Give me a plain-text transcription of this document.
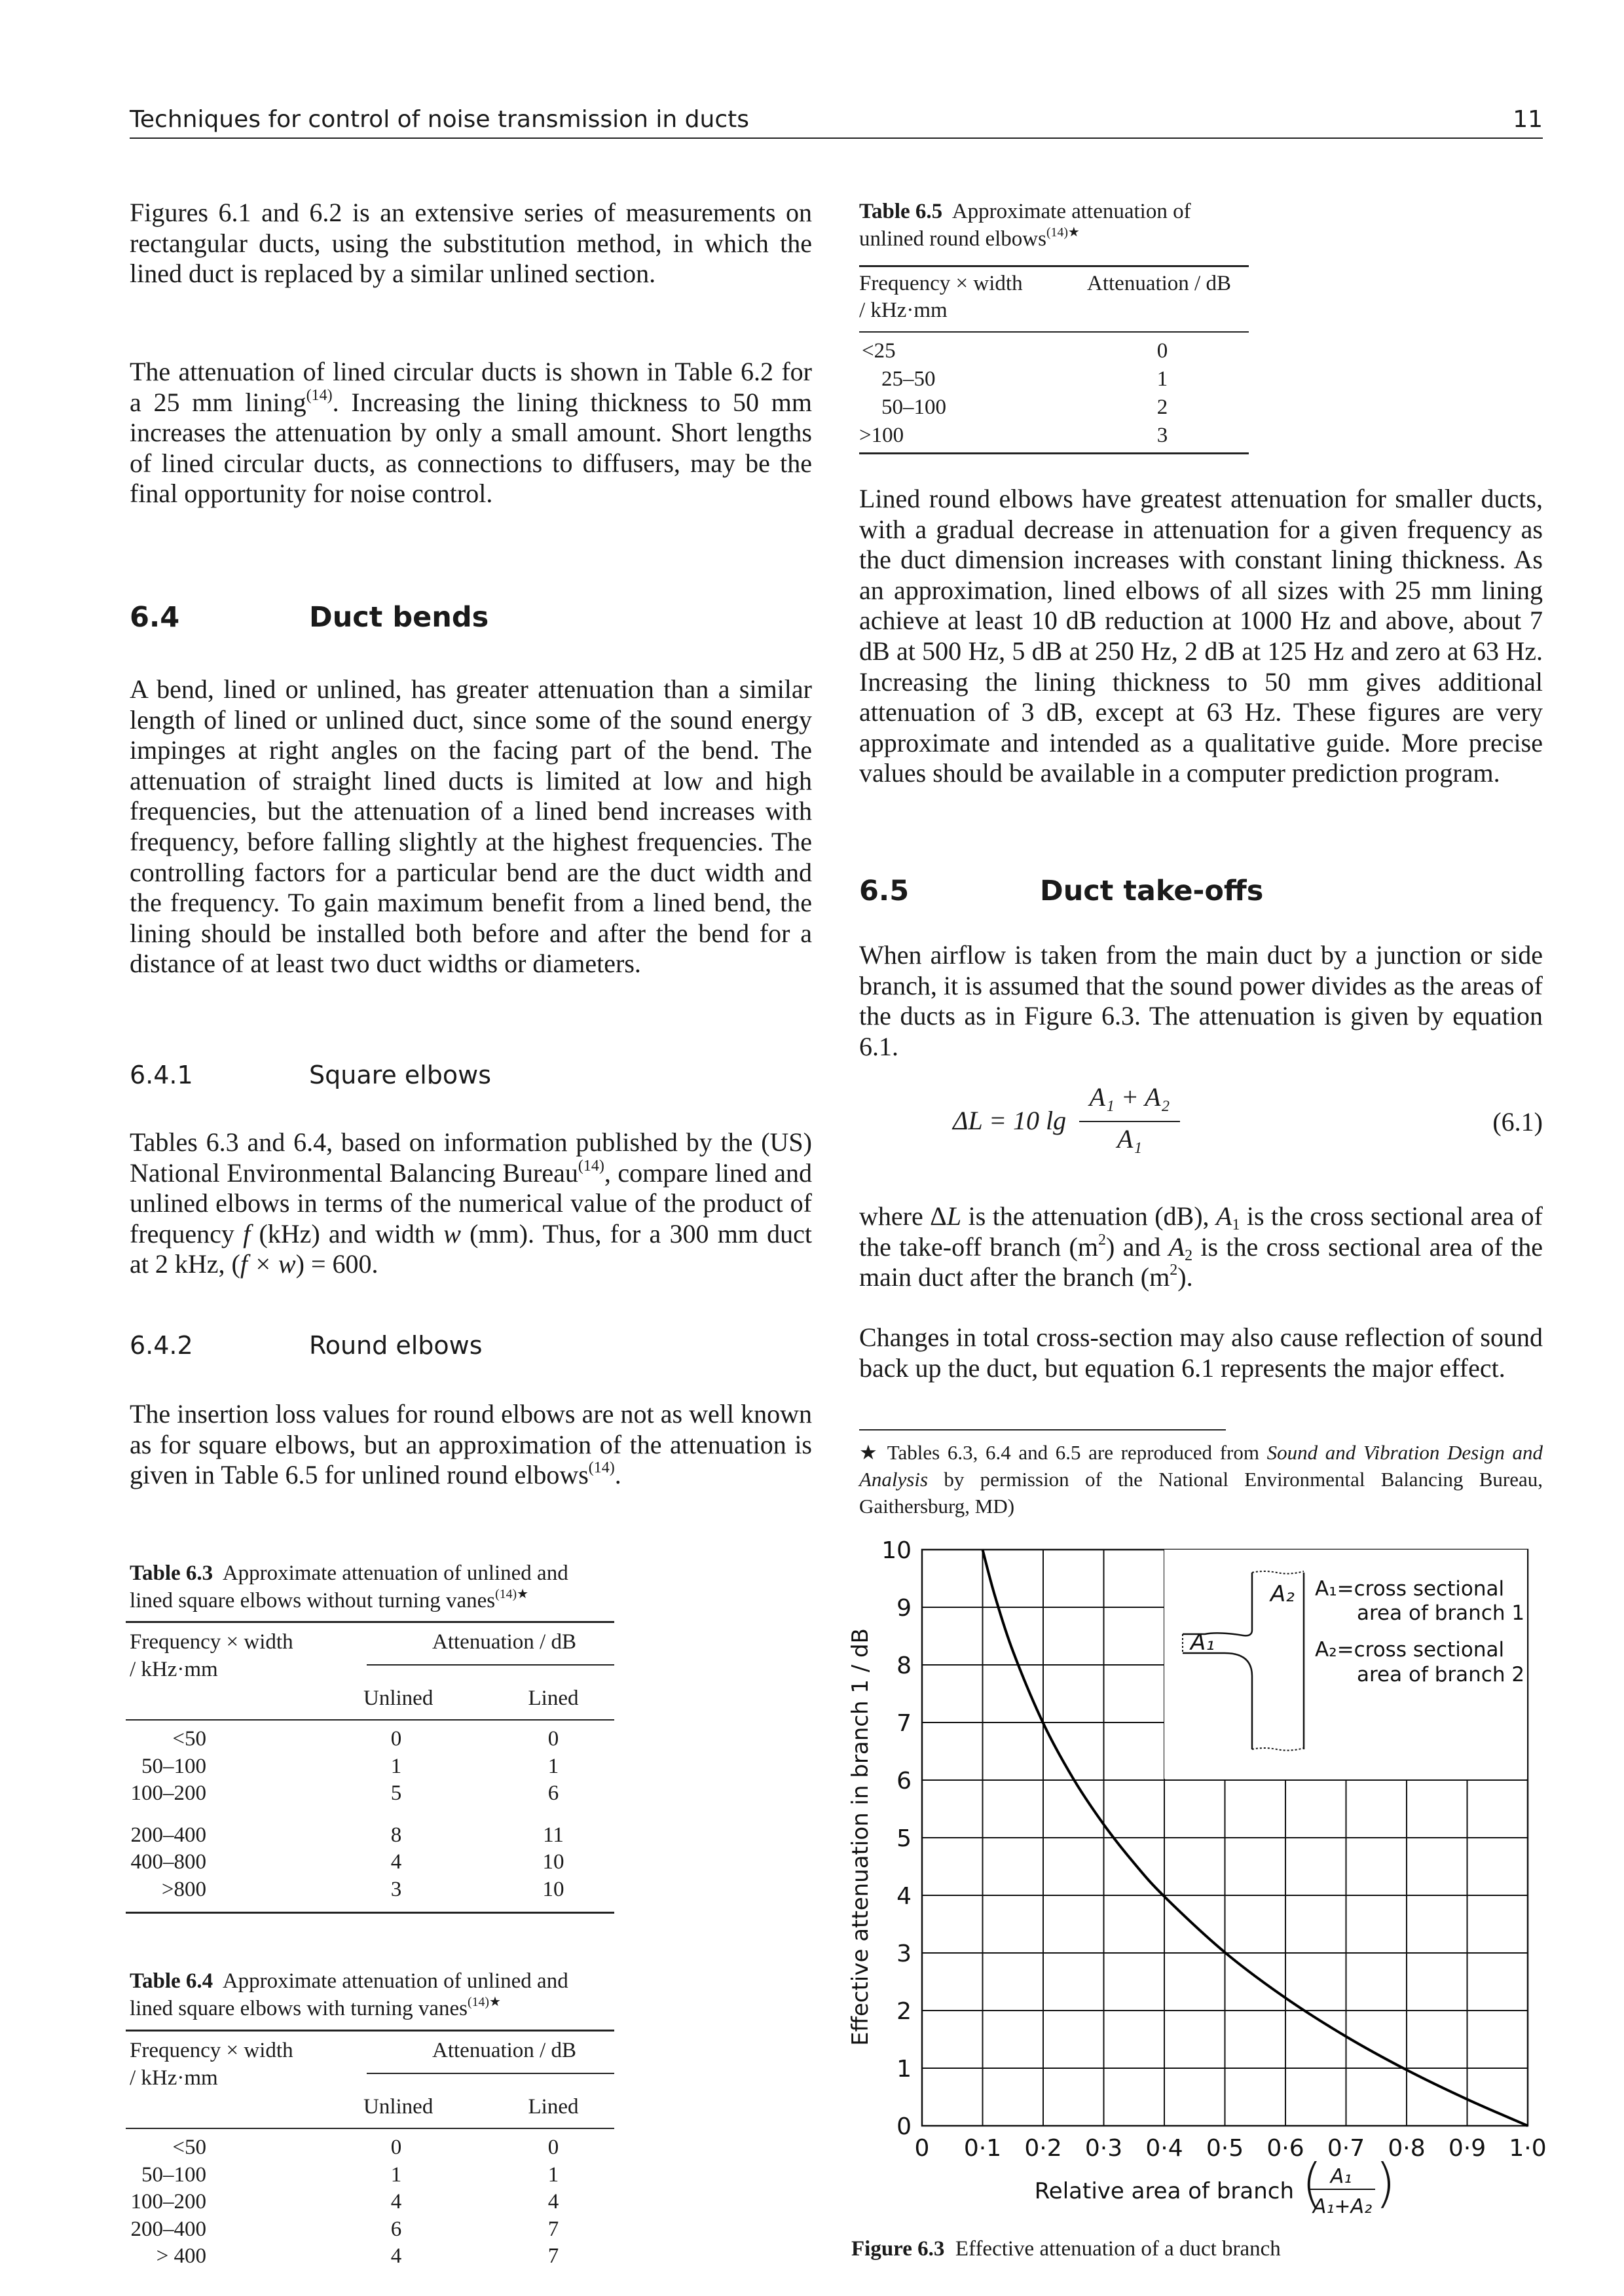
Techniques for control of noise transmission in ducts	11
Figures 6.1 and 6.2 is an extensive series of measurements on rectangular ducts, using the substitution method, in which the lined duct is replaced by a similar unlined section.
The attenuation of lined circular ducts is shown in Table 6.2 for a 25 mm lining$^{(14)}$. Increasing the lining thickness to 50 mm increases the attenuation by only a small amount. Short lengths of lined circular ducts, as connections to diffusers, may be the final opportunity for noise control.
6.4	Duct bends
A bend, lined or unlined, has greater attenuation than a similar length of lined or unlined duct, since some of the sound energy impinges at right angles on the facing part of the bend. The attenuation of straight lined ducts is limited at low and high frequencies, but the attenuation of a lined bend increases with frequency, before falling slightly at the highest frequencies. The controlling factors for a particular bend are the duct width and the frequency. To gain maximum benefit from a lined bend, the lining should be installed both before and after the bend for a distance of at least two duct widths or diameters.
6.4.1	Square elbows
Tables 6.3 and 6.4, based on information published by the (US) National Environmental Balancing Bureau$^{(14)}$, compare lined and unlined elbows in terms of the numerical value of the product of frequency f (kHz) and width w (mm). Thus, for a 300 mm duct at 2 kHz, (f × w) = 600.
6.4.2	Round elbows
The insertion loss values for round elbows are not as well known as for square elbows, but an approximation of the attenuation is given in Table 6.5 for unlined round elbows$^{(14)}$.
Table 6.3 Approximate attenuation of unlined and lined square elbows without turning vanes$^{(14)★}$
Frequency × width
/ kHz·mm
Attenuation / dB
Unlined	Lined
<50	0	0
50–100	1	1
100–200	5	6
200–400	8	11
400–800	4	10
>800	3	10
Table 6.4 Approximate attenuation of unlined and lined square elbows with turning vanes$^{(14)★}$
Frequency × width
/ kHz·mm
Attenuation / dB
Unlined	Lined
<50	0	0
50–100	1	1
100–200	4	4
200–400	6	7
> 400	4	7
Table 6.5 Approximate attenuation of unlined round elbows$^{(14)★}$
Frequency × width
/ kHz·mm
Attenuation / dB
<25	0
25–50	1
50–100	2
>100	3
Lined round elbows have greatest attenuation for smaller ducts, with a gradual decrease in attenuation for a given frequency as the duct dimension increases with constant lining thickness. As an approximation, lined elbows of all sizes with 25 mm lining achieve at least 10 dB reduction at 1000 Hz and above, about 7 dB at 500 Hz, 5 dB at 250 Hz, 2 dB at 125 Hz and zero at 63 Hz. Increasing the lining thickness to 50 mm gives additional attenuation of 3 dB, except at 63 Hz. These figures are very approximate and intended as a qualitative guide. More precise values should be available in a computer prediction program.
6.5	Duct take-offs
When airflow is taken from the main duct by a junction or side branch, it is assumed that the sound power divides as the areas of the ducts as in Figure 6.3. The attenuation is given by equation 6.1.
ΔL = 10 lg
A₁ + A₂
A₁
(6.1)
where ΔL is the attenuation (dB), $A_1$ is the cross sectional area of the take-off branch $(m^2)$ and $A_2$ is the cross sectional area of the main duct after the branch $(m^2)$.
Changes in total cross-section may also cause reflection of sound back up the duct, but equation 6.1 represents the major effect.
★ Tables 6.3, 6.4 and 6.5 are reproduced from Sound and Vibration Design and Analysis by permission of the National Environmental Balancing Bureau, Gaithersburg, MD)
A₂
A₁
A₁=cross sectional
area of branch 1
A₂=cross sectional
area of branch 2
0
1
2
3
4
5
6
7
8
9
10
0 0·1 0·2 0·3 0·4 0·5 0·6 0·7 0·8 0·9 1·0
Effective attenuation in branch 1 / dB
Relative area of branch ( A₁
A₁+A₂ )
Figure 6.3 Effective attenuation of a duct branch
